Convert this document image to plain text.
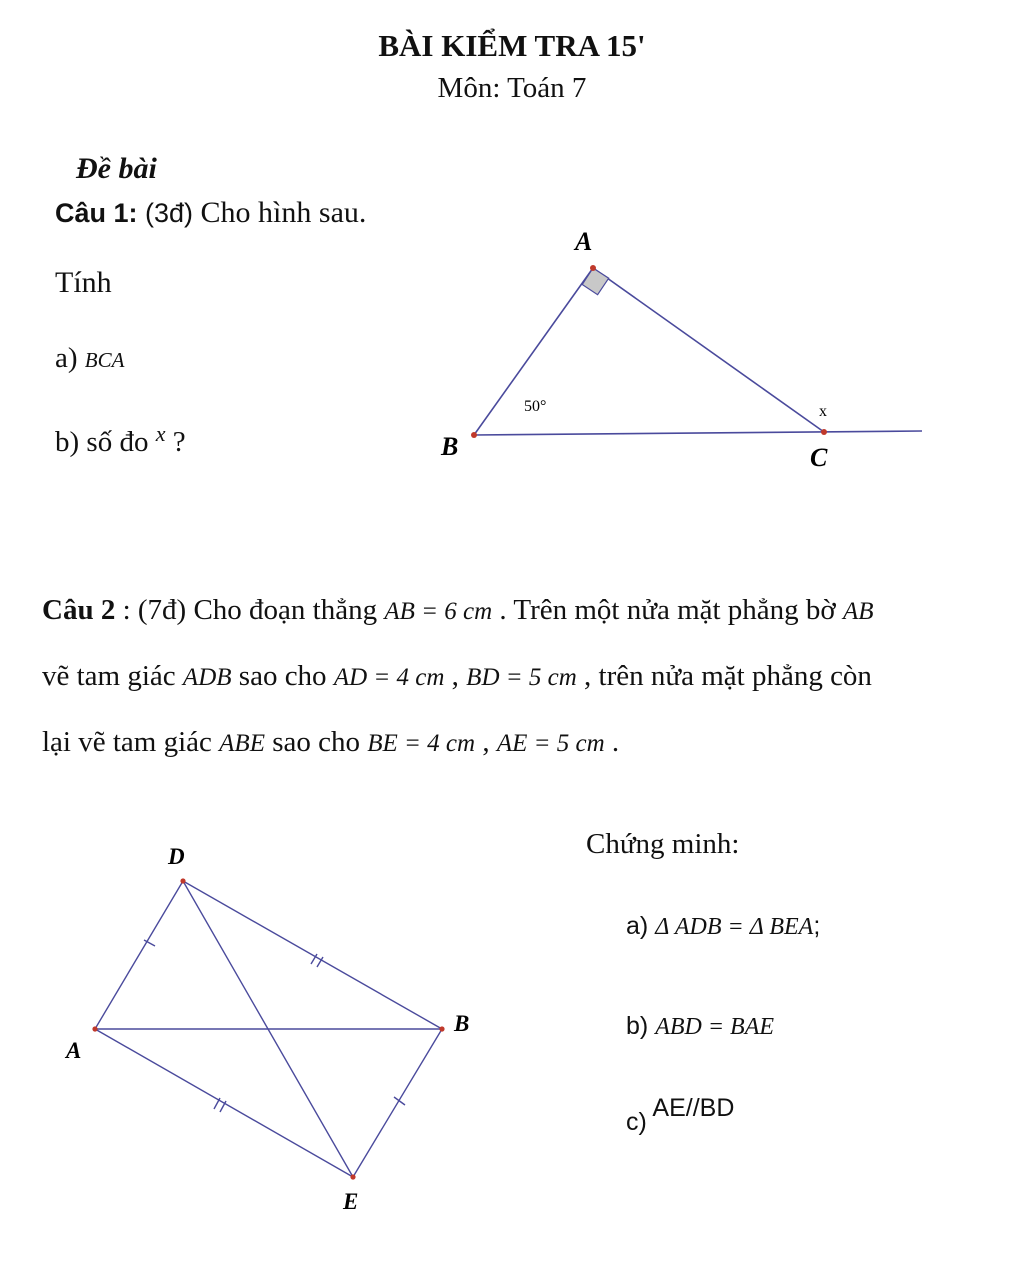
BÀI KIỂM TRA 15'
Môn: Toán 7
Đề bài
Câu 1: (3đ) Cho hình sau.
Tính
a) BCA
b) số đo $^x$ ?
A
B	C
50°	x
Câu 2 : (7đ) Cho đoạn thẳng AB = 6 cm . Trên một nửa mặt phẳng bờ AB
vẽ tam giác ADB sao cho AD = 4 cm , BD = 5 cm , trên nửa mặt phẳng còn
lại vẽ tam giác ABE sao cho BE = 4 cm , AE = 5 cm .
D
A
B
E
Chứng minh:
a) Δ ADB = Δ BEA;
b) ABD = BAE
c) AE//BD
